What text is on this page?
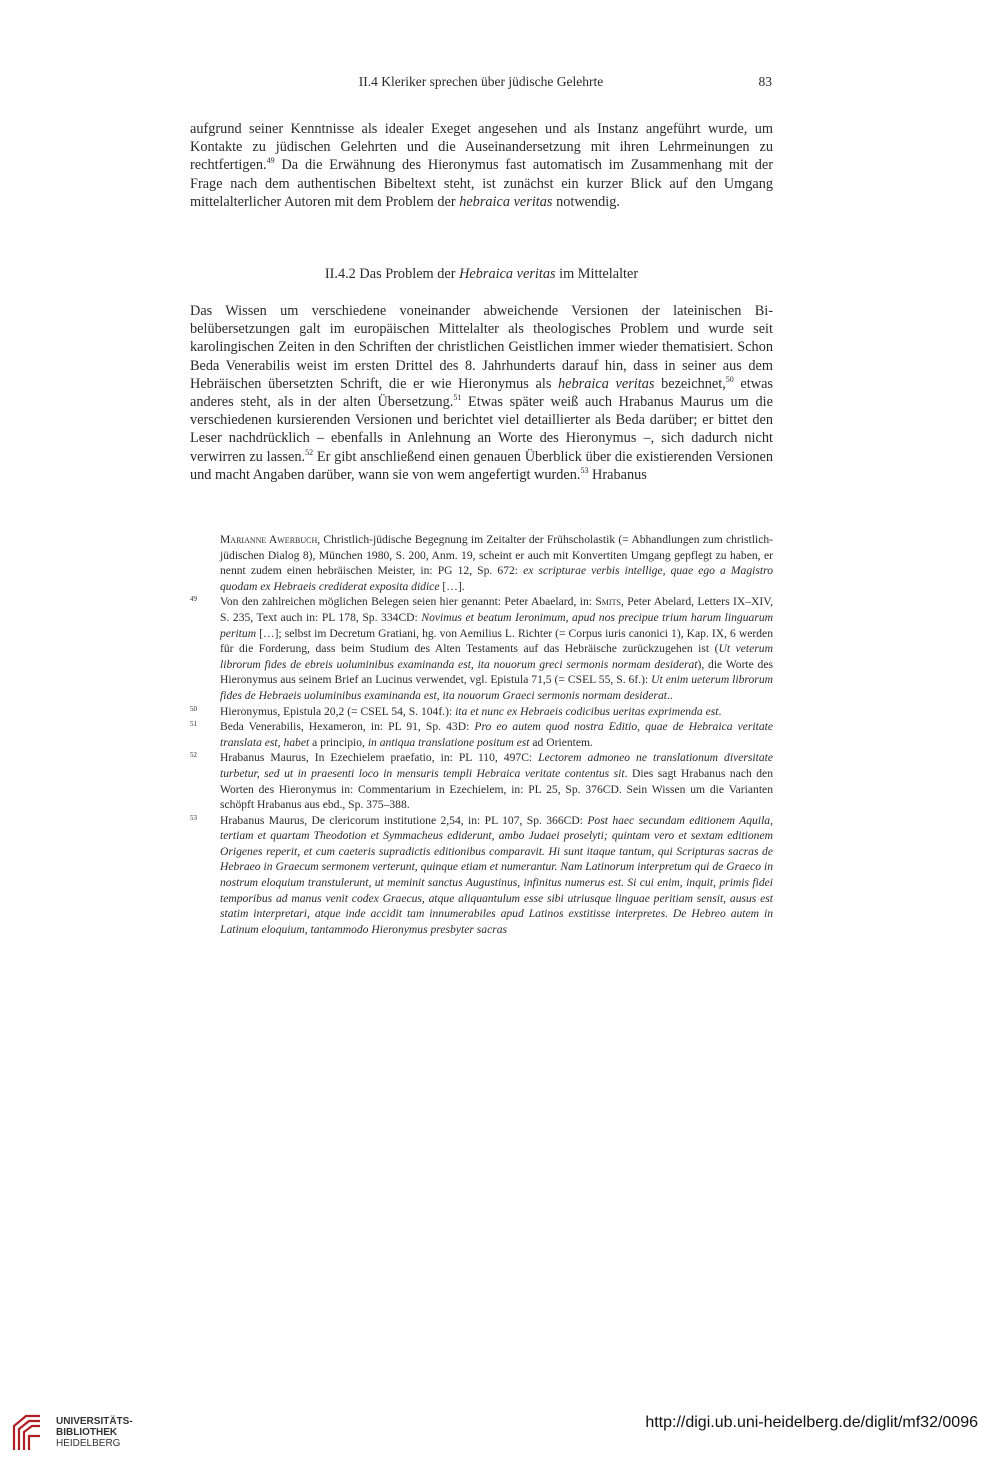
II.4 Kleriker sprechen über jüdische Gelehrte	83
aufgrund seiner Kenntnisse als idealer Exeget angesehen und als Instanz angeführt wurde, um Kontakte zu jüdischen Gelehrten und die Auseinandersetzung mit ihren Lehrmeinungen zu rechtfertigen.$^{49}$ Da die Erwähnung des Hieronymus fast automatisch im Zusammenhang mit der Frage nach dem authentischen Bibeltext steht, ist zunächst ein kurzer Blick auf den Umgang mittelalterlicher Autoren mit dem Problem der hebraica veritas notwendig.
II.4.2 Das Problem der Hebraica veritas im Mittelalter
Das Wissen um verschiedene voneinander abweichende Versionen der lateinischen Bibelübersetzungen galt im europäischen Mittelalter als theologisches Problem und wurde seit karolingischen Zeiten in den Schriften der christlichen Geistlichen immer wieder thematisiert. Schon Beda Venerabilis weist im ersten Drittel des 8. Jahrhunderts darauf hin, dass in seiner aus dem Hebräischen übersetzten Schrift, die er wie Hieronymus als hebraica veritas bezeichnet,$^{50}$ etwas anderes steht, als in der alten Übersetzung.$^{51}$ Etwas später weiß auch Hrabanus Maurus um die verschiedenen kursierenden Versionen und berichtet viel detaillierter als Beda darüber; er bittet den Leser nachdrücklich – ebenfalls in Anlehnung an Worte des Hieronymus –, sich dadurch nicht verwirren zu lassen.$^{52}$ Er gibt anschließend einen genauen Überblick über die existierenden Versionen und macht Angaben darüber, wann sie von wem angefertigt wurden.$^{53}$ Hrabanus
Marianne Awerbuch, Christlich-jüdische Begegnung im Zeitalter der Frühscholastik (= Abhandlungen zum christlich-jüdischen Dialog 8), München 1980, S. 200, Anm. 19, scheint er auch mit Konvertiten Umgang gepflegt zu haben, er nennt zudem einen hebräischen Meister, in: PG 12, Sp. 672: ex scripturae verbis intellige, quae ego a Magistro quodam ex Hebraeis crediderat exposita didice […].
49 Von den zahlreichen möglichen Belegen seien hier genannt: Peter Abaelard, in: Smits, Peter Abelard, Letters IX–XIV, S. 235, Text auch in: PL 178, Sp. 334CD: Novimus et beatum Ieronimum, apud nos precipue trium harum linguarum peritum […]; selbst im Decretum Gratiani, hg. von Aemilius L. Richter (= Corpus iuris canonici 1), Kap. IX, 6 werden für die Forderung, dass beim Studium des Alten Testaments auf das Hebräische zurückzugehen ist (Ut veterum librorum fides de ebreis uoluminibus examinanda est, ita nouorum greci sermonis normam desiderat), die Worte des Hieronymus aus seinem Brief an Lucinus verwendet, vgl. Epistula 71,5 (= CSEL 55, S. 6f.): Ut enim ueterum librorum fides de Hebraeis uoluminibus examinanda est, ita nouorum Graeci sermonis normam desiderat..
50 Hieronymus, Epistula 20,2 (= CSEL 54, S. 104f.): ita et nunc ex Hebraeis codicibus ueritas exprimenda est.
51 Beda Venerabilis, Hexameron, in: PL 91, Sp. 43D: Pro eo autem quod nostra Editio, quae de Hebraica veritate translata est, habet a principio, in antiqua translatione positum est ad Orientem.
52 Hrabanus Maurus, In Ezechielem praefatio, in: PL 110, 497C: Lectorem admoneo ne translationum diversitate turbetur, sed ut in praesenti loco in mensuris templi Hebraica veritate contentus sit. Dies sagt Hrabanus nach den Worten des Hieronymus in: Commentarium in Ezechielem, in: PL 25, Sp. 376CD. Sein Wissen um die Varianten schöpft Hrabanus aus ebd., Sp. 375–388.
53 Hrabanus Maurus, De clericorum institutione 2,54, in: PL 107, Sp. 366CD: Post haec secundam editionem Aquila, tertiam et quartam Theodotion et Symmacheus ediderunt, ambo Judaei proselyti; quintam vero et sextam editionem Origenes reperit, et cum caeteris supradictis editionibus comparavit. Hi sunt itaque tantum, qui Scripturas sacras de Hebraeo in Graecum sermonem verterunt, quinque etiam et numerantur. Nam Latinorum interpretum qui de Graeco in nostrum eloquium transtulerunt, ut meminit sanctus Augustinus, infinitus numerus est. Si cui enim, inquit, primis fidei temporibus ad manus venit codex Graecus, atque aliquantulum esse sibi utriusque linguae peritiam sensit, ausus est statim interpretari, atque inde accidit tam innumerabiles apud Latinos exstitisse interpretes. De Hebreo autem in Latinum eloquium, tantammodo Hieronymus presbyter sacras
UNIVERSITÄTS-
BIBLIOTHEK
HEIDELBERG
http://digi.ub.uni-heidelberg.de/diglit/mf32/0096
